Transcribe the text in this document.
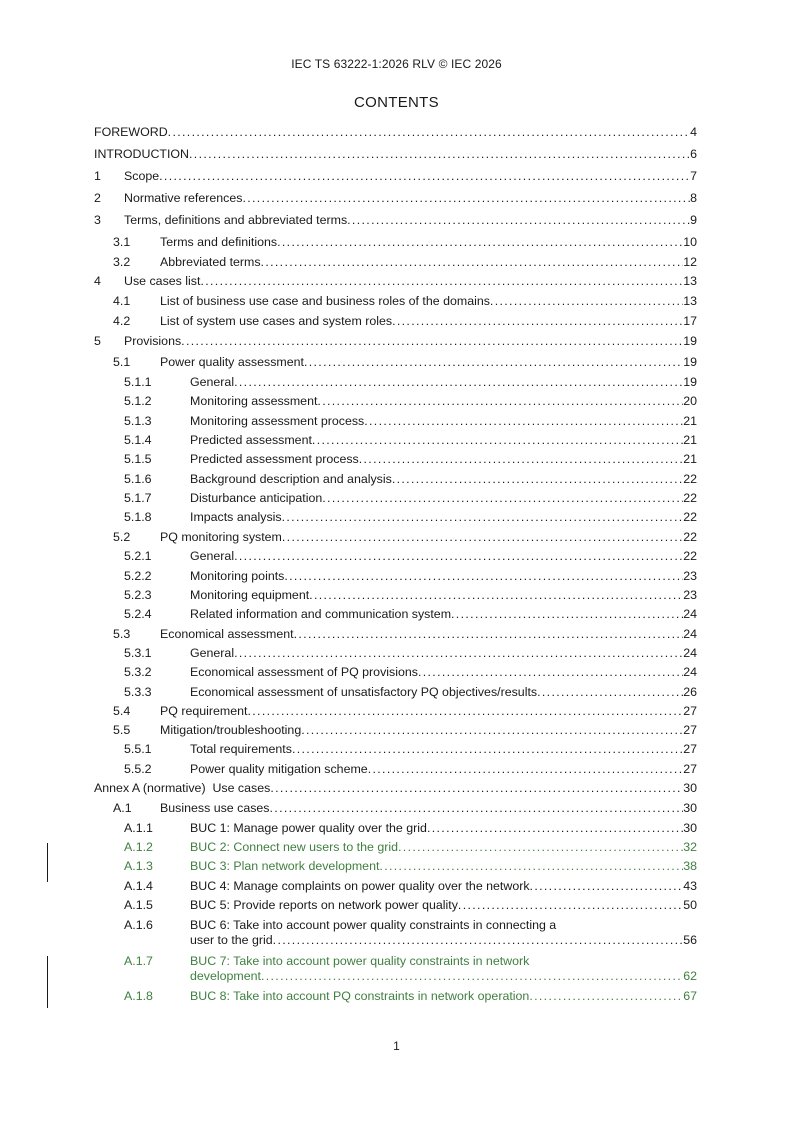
IEC TS 63222-1:2026 RLV © IEC 2026
CONTENTS
FOREWORD . . .	4
INTRODUCTION . . .	6
1 Scope . . .	7
2 Normative references . . .	8
3 Terms, definitions and abbreviated terms . . .	9
3.1 Terms and definitions . . .	10
3.2 Abbreviated terms . . .	12
4 Use cases list . . .	13
4.1 List of business use case and business roles of the domains . . .	13
4.2 List of system use cases and system roles . . .	17
5 Provisions . . .	19
5.1 Power quality assessment . . .	19
5.1.1	General . . .	19
5.1.2	Monitoring assessment . . .	20
5.1.3	Monitoring assessment process . . .	21
5.1.4	Predicted assessment . . .	21
5.1.5	Predicted assessment process . . .	21
5.1.6	Background description and analysis . . .	22
5.1.7	Disturbance anticipation . . .	22
5.1.8	Impacts analysis . . .	22
5.2 PQ monitoring system . . .	22
5.2.1	General . . .	22
5.2.2	Monitoring points . . .	23
5.2.3	Monitoring equipment . . .	23
5.2.4	Related information and communication system . . .	24
5.3 Economical assessment . . .	24
5.3.1	General . . .	24
5.3.2	Economical assessment of PQ provisions . . .	24
5.3.3	Economical assessment of unsatisfactory PQ objectives/results . . .	26
5.4 PQ requirement . . .	27
5.5 Mitigation/troubleshooting . . .	27
5.5.1	Total requirements . . .	27
5.5.2	Power quality mitigation scheme . . .	27
Annex A (normative)  Use cases . . .	30
A.1 Business use cases . . .	30
A.1.1	BUC 1: Manage power quality over the grid . . .	30
A.1.2	BUC 2: Connect new users to the grid . . .	32
A.1.3	BUC 3: Plan network development . . .	38
A.1.4	BUC 4: Manage complaints on power quality over the network . . .	43
A.1.5	BUC 5: Provide reports on network power quality . . .	50
A.1.6	BUC 6: Take into account power quality constraints in connecting a
user to the grid . . .	56
A.1.7	BUC 7: Take into account power quality constraints in network
development . . .	62
A.1.8	BUC 8: Take into account PQ constraints in network operation . . .	67
1
